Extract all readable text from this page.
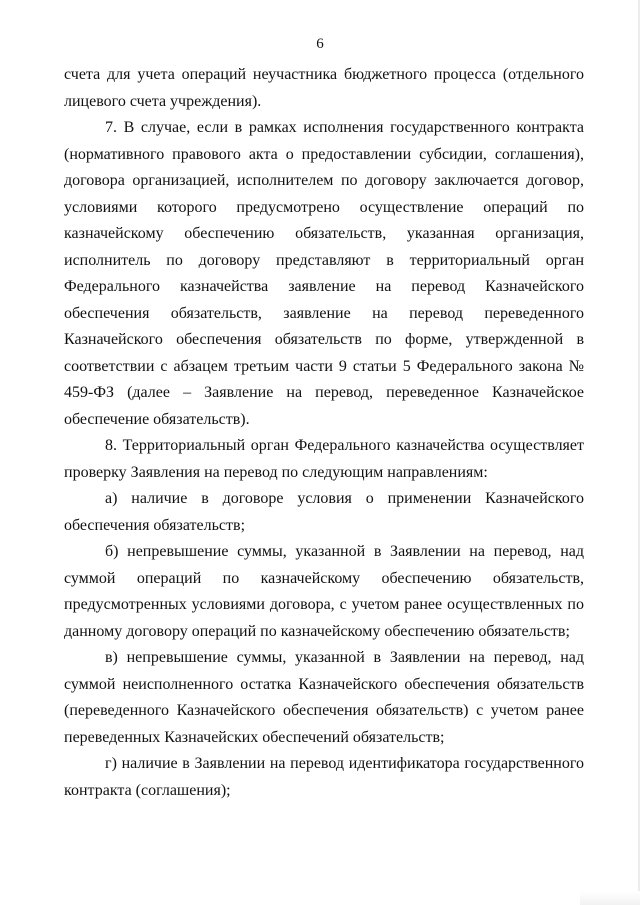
6

счета для учета операций неучастника бюджетного процесса (отдельного лицевого счета учреждения).

7. В случае, если в рамках исполнения государственного контракта (нормативного правового акта о предоставлении субсидии, соглашения), договора организацией, исполнителем по договору заключается договор, условиями которого предусмотрено осуществление операций по казначейскому обеспечению обязательств, указанная организация, исполнитель по договору представляют в территориальный орган Федерального казначейства заявление на перевод Казначейского обеспечения обязательств, заявление на перевод переведенного Казначейского обеспечения обязательств по форме, утвержденной в соответствии с абзацем третьим части 9 статьи 5 Федерального закона № 459-ФЗ (далее – Заявление на перевод, переведенное Казначейское обеспечение обязательств).

8. Территориальный орган Федерального казначейства осуществляет проверку Заявления на перевод по следующим направлениям:

а) наличие в договоре условия о применении Казначейского обеспечения обязательств;

б) непревышение суммы, указанной в Заявлении на перевод, над суммой операций по казначейскому обеспечению обязательств, предусмотренных условиями договора, с учетом ранее осуществленных по данному договору операций по казначейскому обеспечению обязательств;

в) непревышение суммы, указанной в Заявлении на перевод, над суммой неисполненного остатка Казначейского обеспечения обязательств (переведенного Казначейского обеспечения обязательств) с учетом ранее переведенных Казначейских обеспечений обязательств;

г) наличие в Заявлении на перевод идентификатора государственного контракта (соглашения);
